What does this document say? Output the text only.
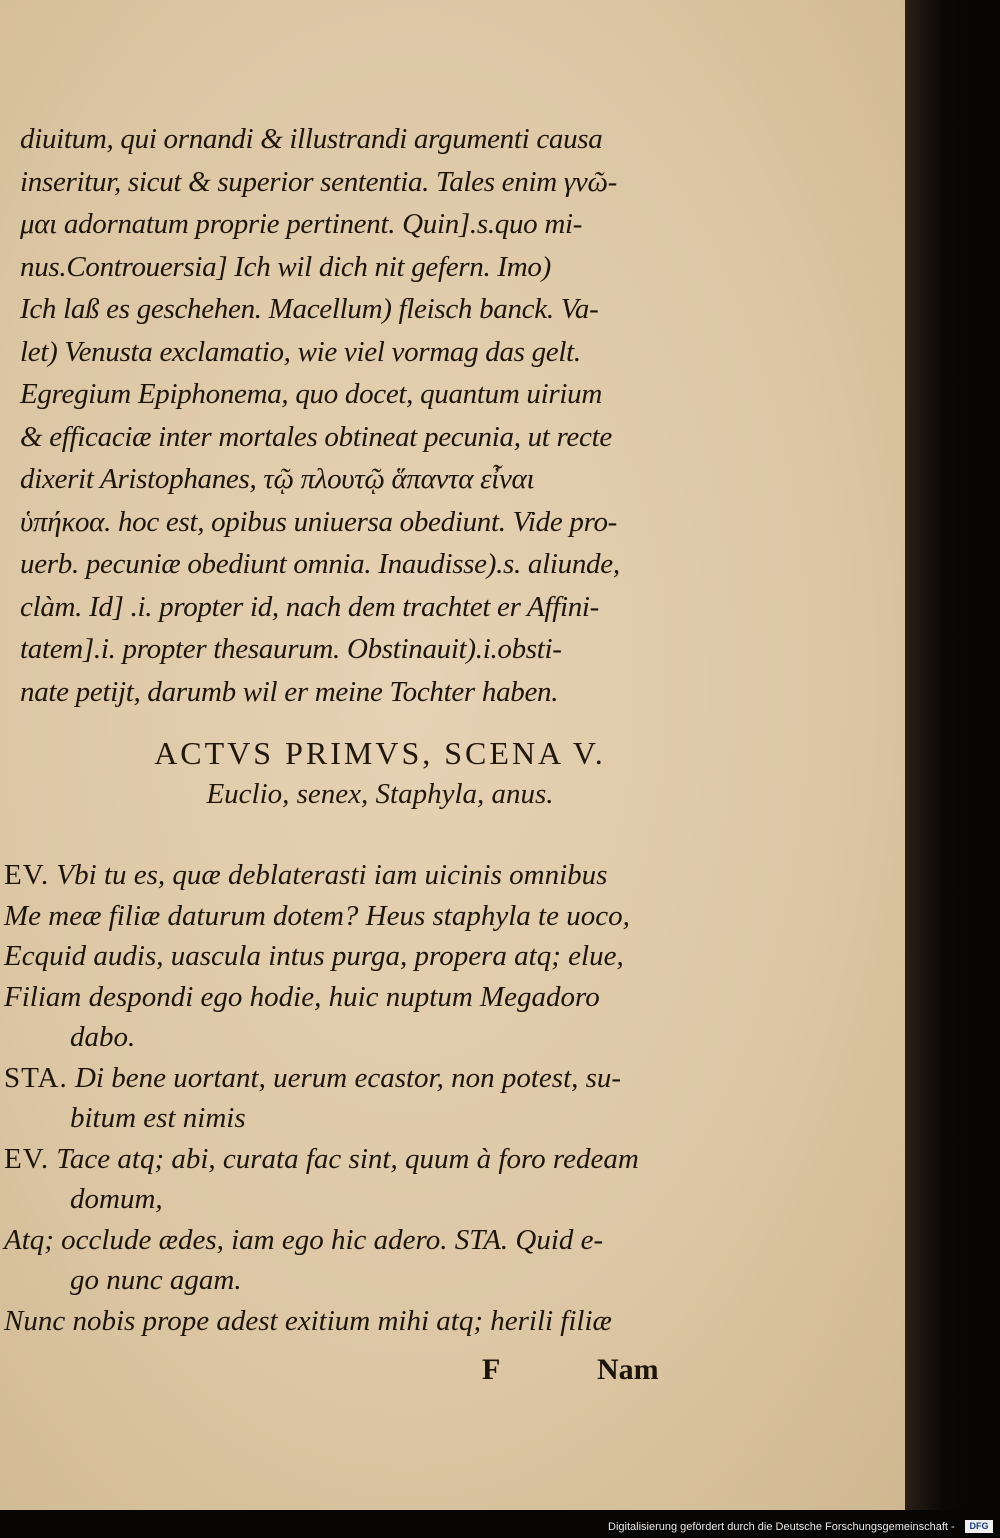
diuitum, qui ornandi & illustrandi argumenti causa
inseritur, sicut & superior sententia. Tales enim γνῶ-
μαι adornatum proprie pertinent. Quin].s.quo mi-
nus.Controuersia] Ich wil dich nit gefern. Imo)
Ich laß es geschehen. Macellum) fleisch banck. Va-
let) Venusta exclamatio, wie viel vormag das gelt.
Egregium Epiphonema, quo docet, quantum uirium
& efficaciæ inter mortales obtineat pecunia, ut recte
dixerit Aristophanes, τῷ πλουτῷ ἅπαντα εἶναι
ὑπήκοα. hoc est, opibus uniuersa obediunt. Vide pro-
uerb. pecuniæ obediunt omnia. Inaudisse).s. aliunde,
clàm. Id] .i. propter id, nach dem trachtet er Affini-
tatem].i. propter thesaurum. Obstinauit).i.obsti-
nate petijt, darumb wil er meine Tochter haben.
ACTVS PRIMVS, SCENA V.
Euclio, senex, Staphyla, anus.
EV. Vbi tu es, quæ deblaterasti iam uicinis omnibus
Me meæ filiæ daturum dotem? Heus staphyla te uoco,
Ecquid audis, uascula intus purga, propera atq; elue,
Filiam despondi ego hodie, huic nuptum Megadoro
dabo.
STA. Di bene uortant, uerum ecastor, non potest, su-
bitum est nimis
EV. Tace atq; abi, curata fac sint, quum à foro redeam
domum,
Atq; occlude ædes, iam ego hic adero. STA. Quid e-
go nunc agam.
Nunc nobis prope adest exitium mihi atq; herili filiæ
F	Nam
Digitalisierung gefördert durch die Deutsche Forschungsgemeinschaft -	DFG
